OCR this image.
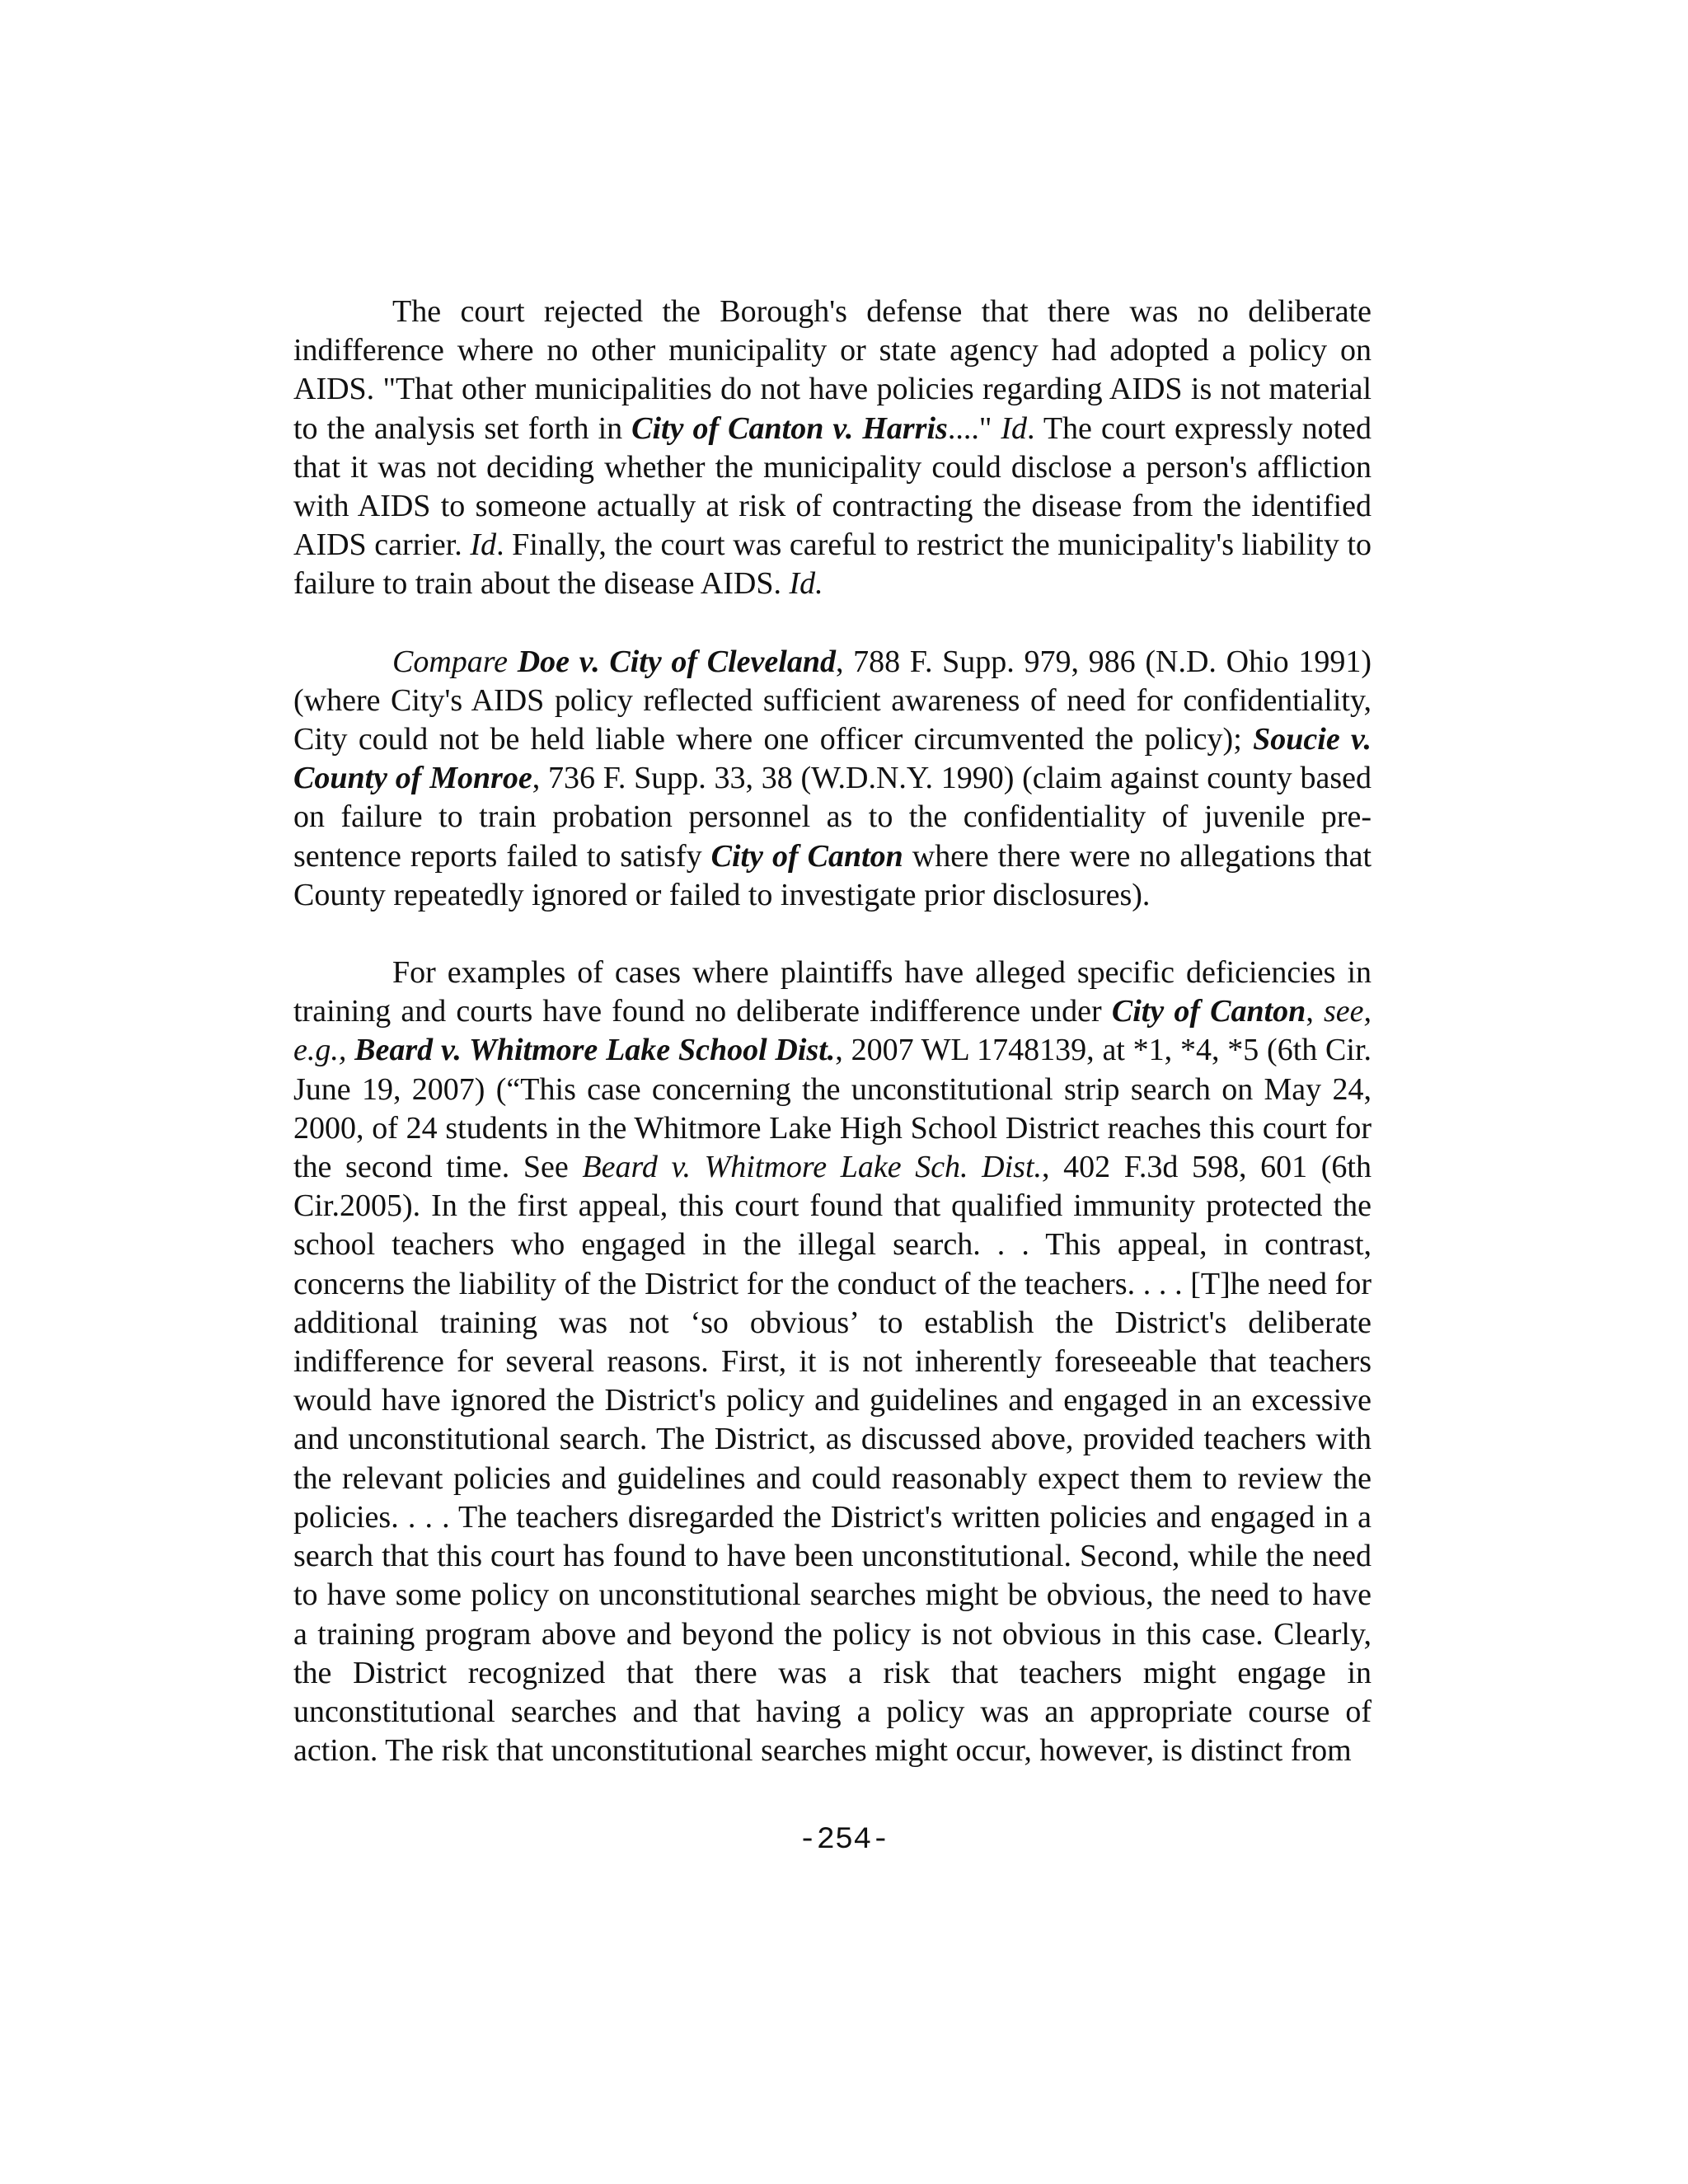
The court rejected the Borough's defense that there was no deliberate indifference where no other municipality or state agency had adopted a policy on AIDS. "That other municipalities do not have policies regarding AIDS is not material to the analysis set forth in City of Canton v. Harris...." Id. The court expressly noted that it was not deciding whether the municipality could disclose a person's affliction with AIDS to someone actually at risk of contracting the disease from the identified AIDS carrier. Id. Finally, the court was careful to restrict the municipality's liability to failure to train about the disease AIDS. Id.

Compare Doe v. City of Cleveland, 788 F. Supp. 979, 986 (N.D. Ohio 1991) (where City's AIDS policy reflected sufficient awareness of need for confidentiality, City could not be held liable where one officer circumvented the policy); Soucie v. County of Monroe, 736 F. Supp. 33, 38 (W.D.N.Y. 1990) (claim against county based on failure to train probation personnel as to the confidentiality of juvenile pre-sentence reports failed to satisfy City of Canton where there were no allegations that County repeatedly ignored or failed to investigate prior disclosures).

For examples of cases where plaintiffs have alleged specific deficiencies in training and courts have found no deliberate indifference under City of Canton, see, e.g., Beard v. Whitmore Lake School Dist., 2007 WL 1748139, at *1, *4, *5 (6th Cir. June 19, 2007) (“This case concerning the unconstitutional strip search on May 24, 2000, of 24 students in the Whitmore Lake High School District reaches this court for the second time. See Beard v. Whitmore Lake Sch. Dist., 402 F.3d 598, 601 (6th Cir.2005). In the first appeal, this court found that qualified immunity protected the school teachers who engaged in the illegal search. . . This appeal, in contrast, concerns the liability of the District for the conduct of the teachers. . . . [T]he need for additional training was not ‘so obvious’ to establish the District's deliberate indifference for several reasons. First, it is not inherently foreseeable that teachers would have ignored the District's policy and guidelines and engaged in an excessive and unconstitutional search. The District, as discussed above, provided teachers with the relevant policies and guidelines and could reasonably expect them to review the policies. . . . The teachers disregarded the District's written policies and engaged in a search that this court has found to have been unconstitutional. Second, while the need to have some policy on unconstitutional searches might be obvious, the need to have a training program above and beyond the policy is not obvious in this case. Clearly, the District recognized that there was a risk that teachers might engage in unconstitutional searches and that having a policy was an appropriate course of action. The risk that unconstitutional searches might occur, however, is distinct from

-254-
